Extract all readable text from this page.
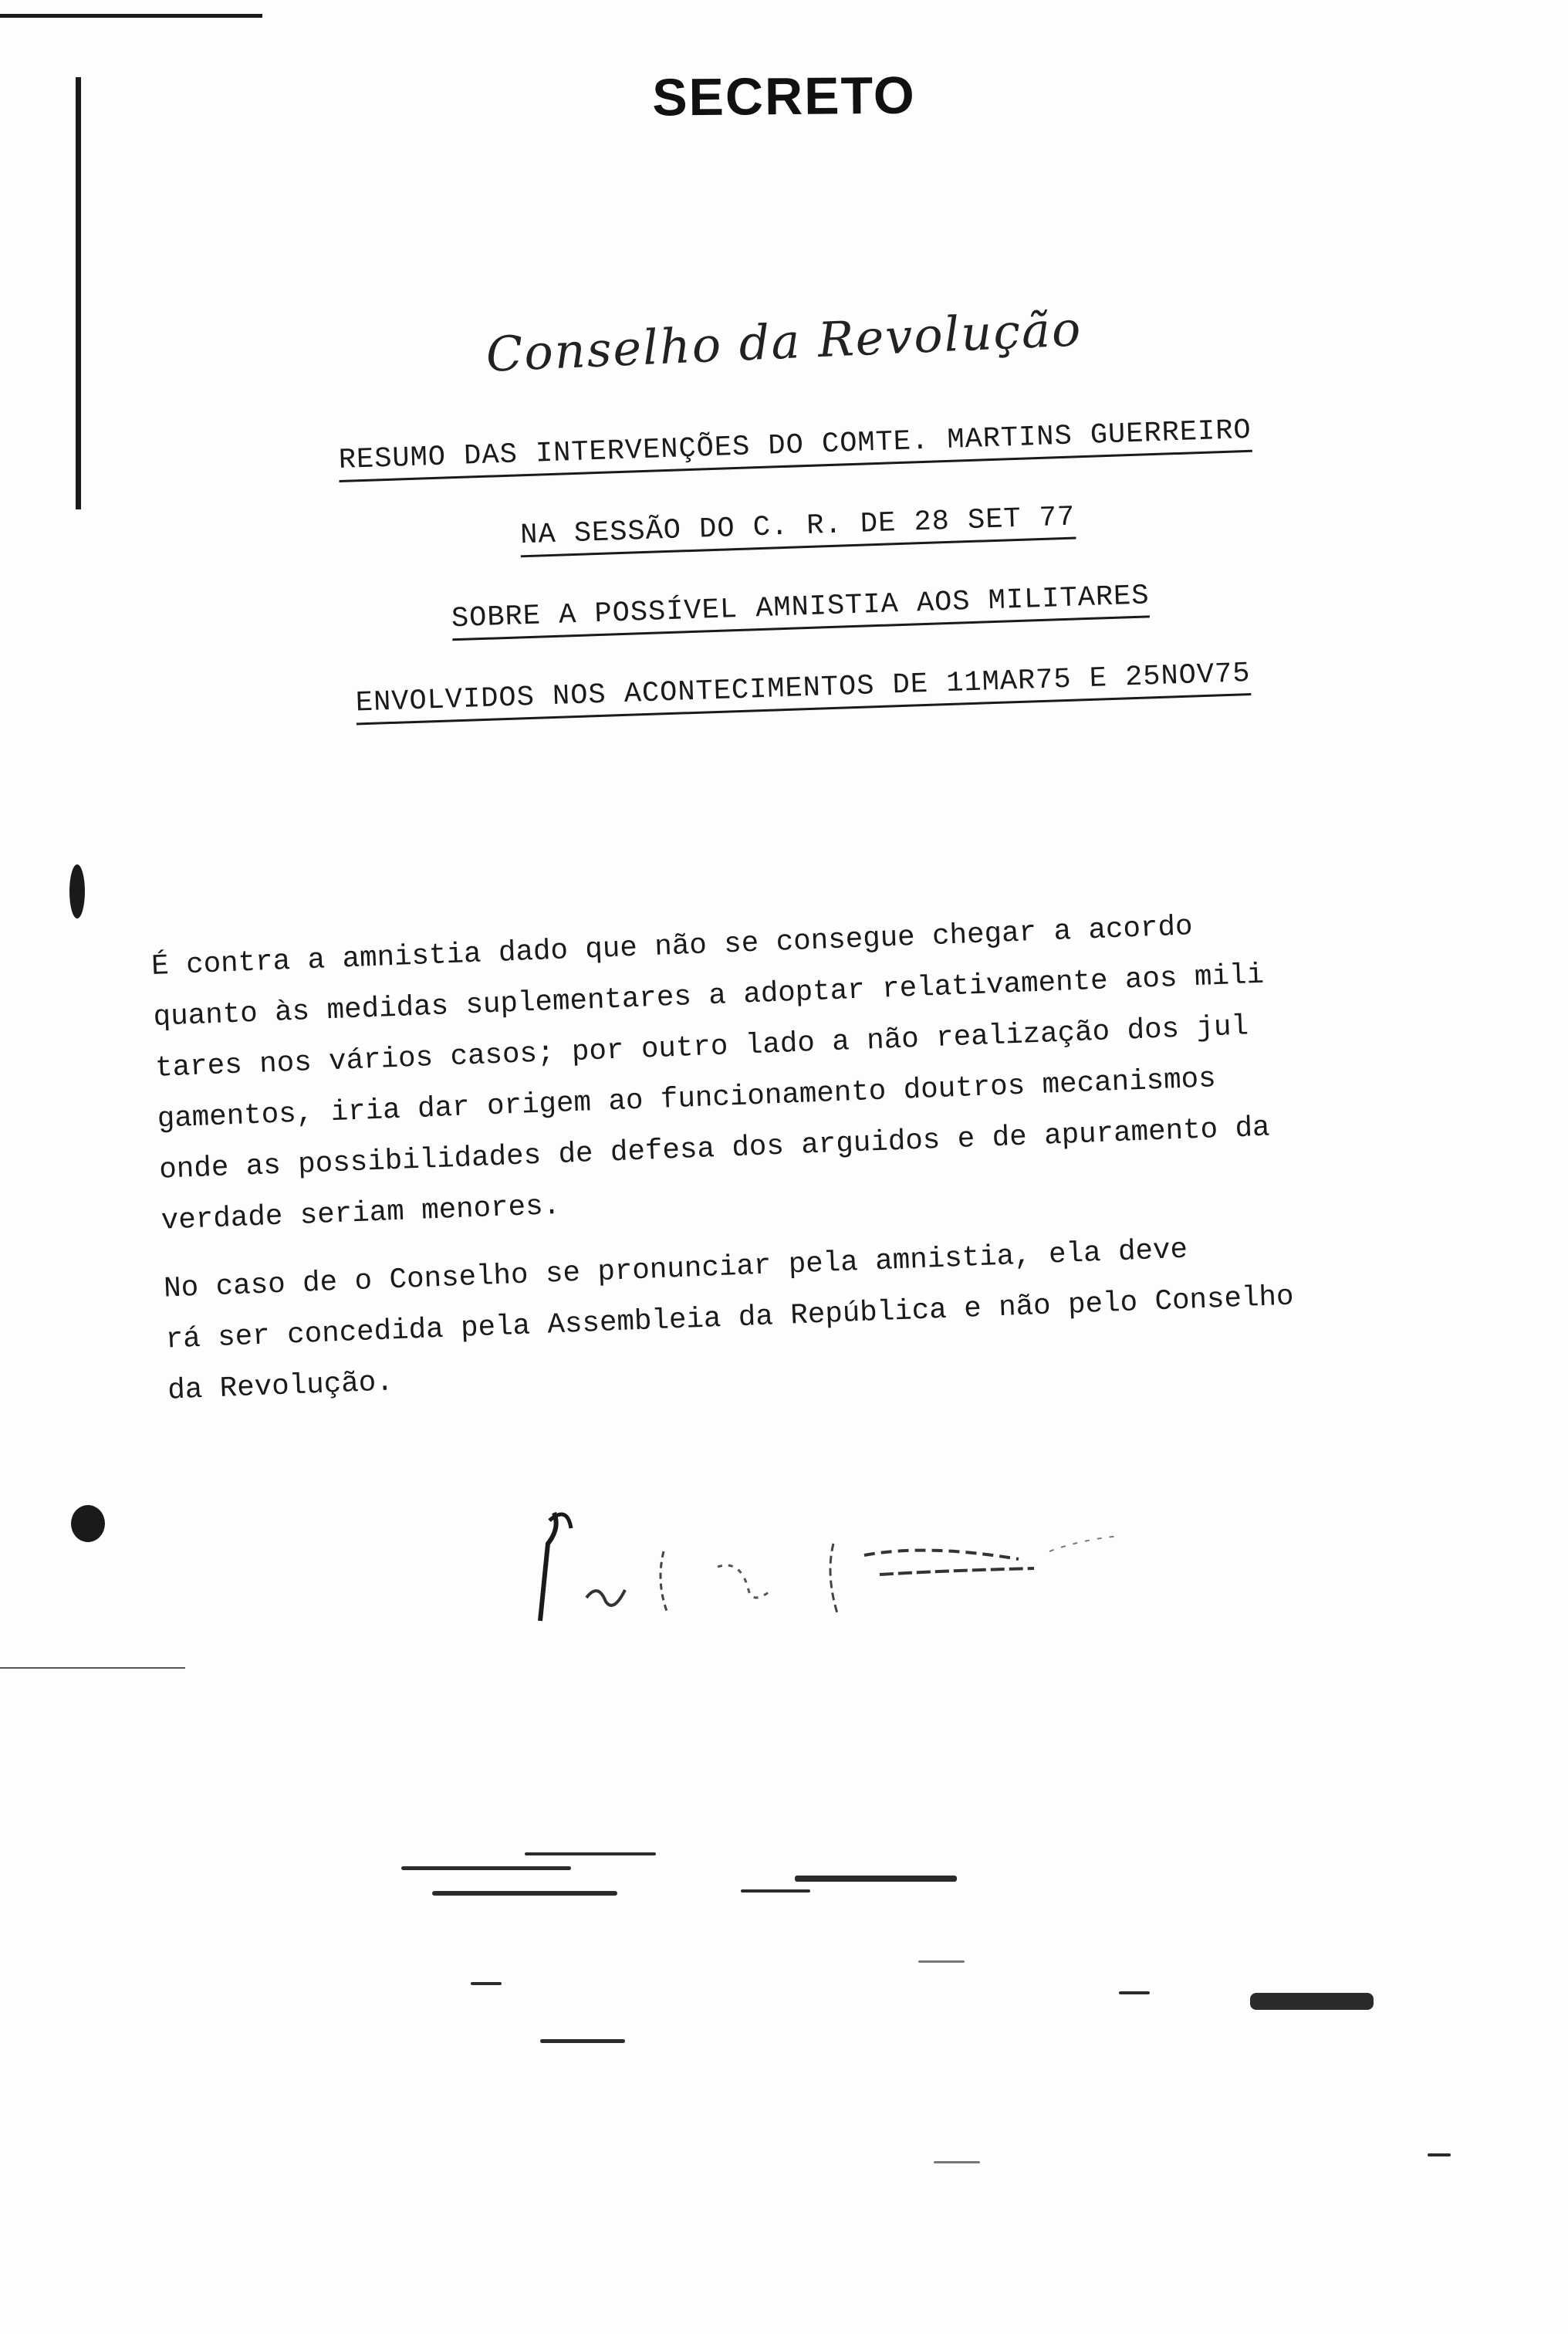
SECRETO
Conselho da Revolução
RESUMO DAS INTERVENÇÕES DO COMTE. MARTINS GUERREIRO
NA SESSÃO DO C. R. DE 28 SET 77
SOBRE A POSSÍVEL AMNISTIA AOS MILITARES
ENVOLVIDOS NOS ACONTECIMENTOS DE 11MAR75 E 25NOV75

É contra a amnistia dado que não se consegue chegar a acordo
quanto às medidas suplementares a adoptar relativamente aos mili
tares nos vários casos; por outro lado a não realização dos jul
gamentos, iria dar origem ao funcionamento doutros mecanismos
onde as possibilidades de defesa dos arguidos e de apuramento da
verdade seriam menores.

No caso de o Conselho se pronunciar pela amnistia, ela deve
rá ser concedida pela Assembleia da República e não pelo Conselho
da Revolução.
